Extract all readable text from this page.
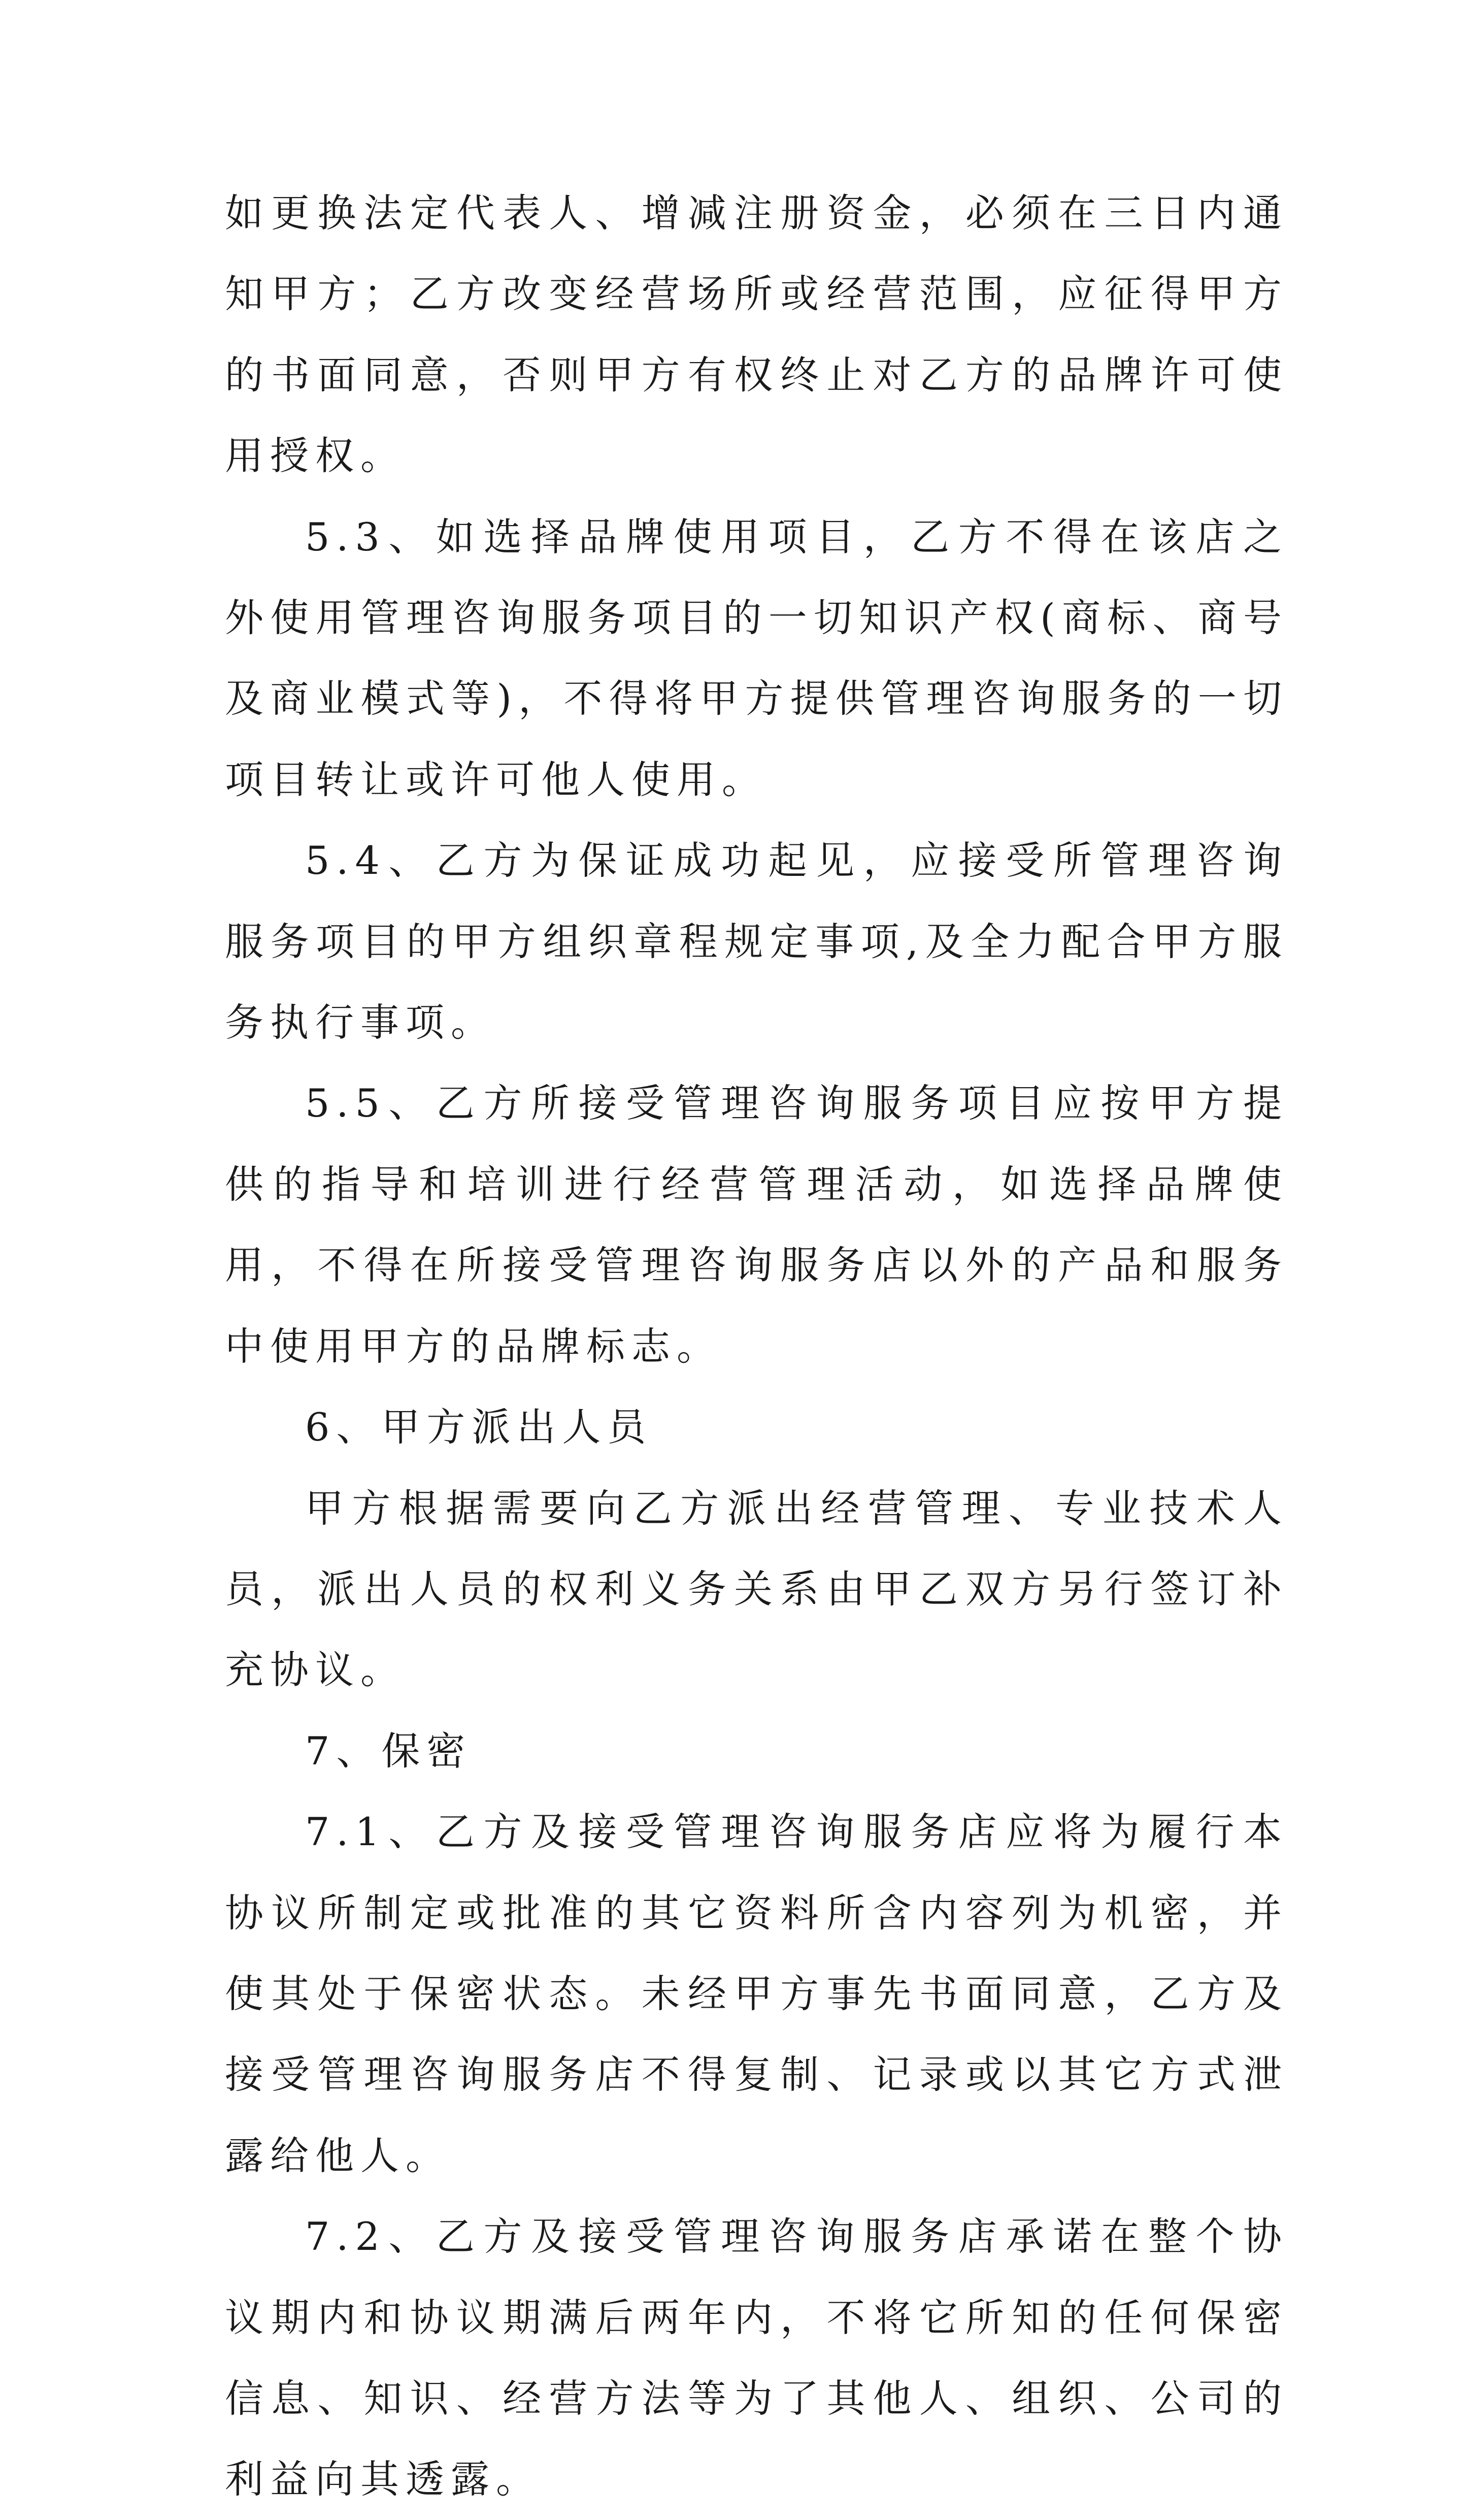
如更换法定代表人、增减注册资金，必须在三日内通知甲方；乙方改变经营场所或经营范围，应征得甲方的书面同意，否则甲方有权终止对乙方的品牌许可使用授权。

5.3、如选择品牌使用项目，乙方不得在该店之外使用管理咨询服务项目的一切知识产权(商标、商号及商业模式等)，不得将甲方提供管理咨询服务的一切项目转让或许可他人使用。

5.4、乙方为保证成功起见，应接受所管理咨询服务项目的甲方组织章程规定事项,及全力配合甲方服务执行事项。

5.5、乙方所接受管理咨询服务项目应按甲方提供的指导和培训进行经营管理活动，如选择品牌使用，不得在所接受管理咨询服务店以外的产品和服务中使用甲方的品牌标志。

6、甲方派出人员

甲方根据需要向乙方派出经营管理、专业技术人员，派出人员的权利义务关系由甲乙双方另行签订补充协议。

7、保密

7.1、乙方及接受管理咨询服务店应将为履行本协议所制定或批准的其它资料所含内容列为机密，并使其处于保密状态。未经甲方事先书面同意，乙方及接受管理咨询服务店不得复制、记录或以其它方式泄露给他人。

7.2、乙方及接受管理咨询服务店承诺在整个协议期内和协议期满后两年内，不将它所知的任何保密信息、知识、经营方法等为了其他人、组织、公司的利益向其透露。
